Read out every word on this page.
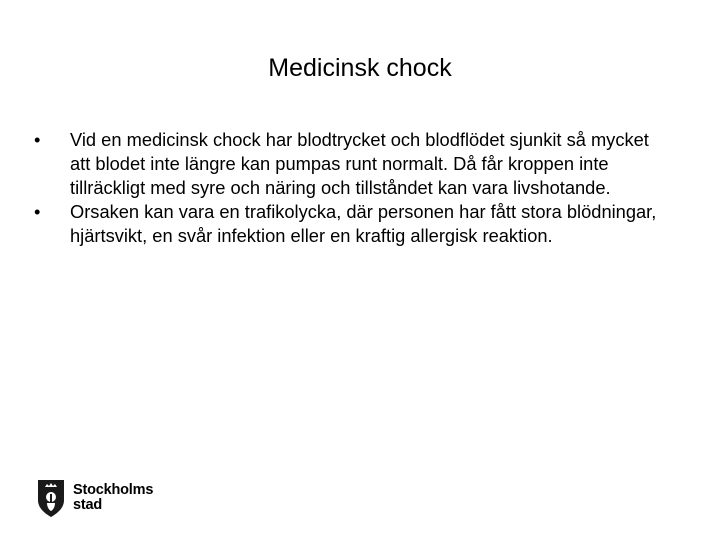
Medicinsk chock
•	Vid en medicinsk chock har blodtrycket och blodflödet sjunkit så mycket att blodet inte längre kan pumpas runt normalt. Då får kroppen inte tillräckligt med syre och näring och tillståndet kan vara livshotande.
•	Orsaken kan vara en trafikolycka, där personen har fått stora blödningar, hjärtsvikt, en svår infektion eller en kraftig allergisk reaktion.
Stockholms
stad
